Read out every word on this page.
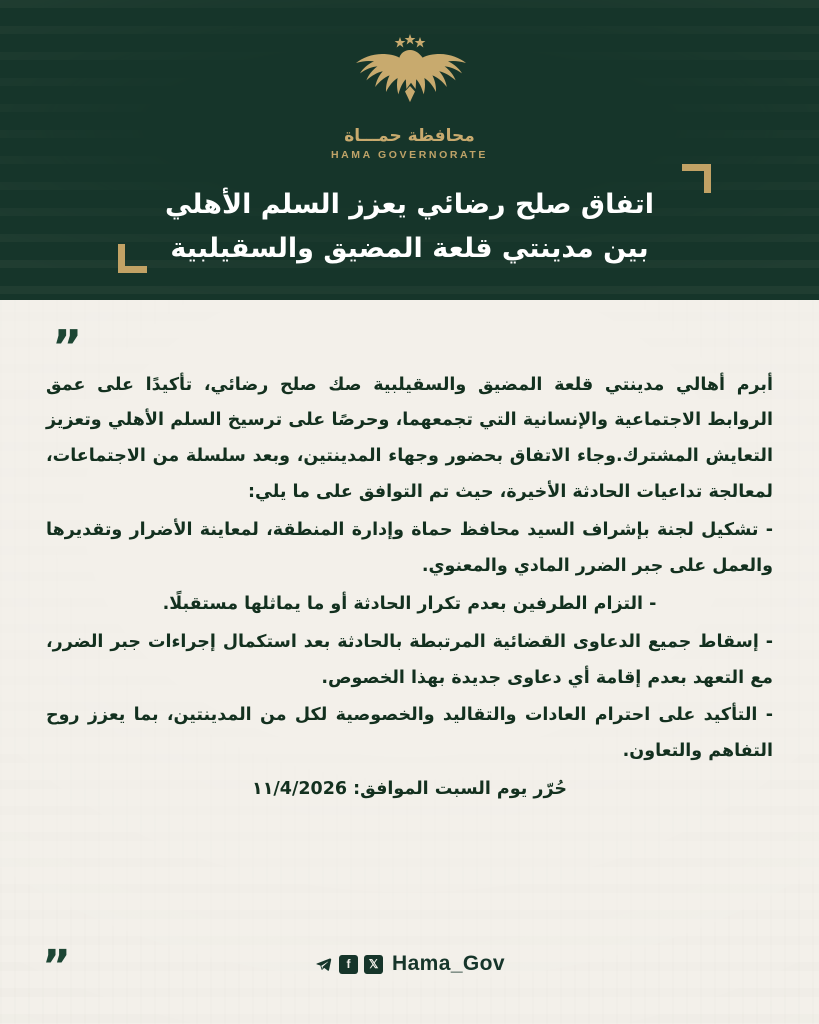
محافظة حمـــاة
HAMA GOVERNORATE
اتفاق صلح رضائي يعزز السلم الأهلي
بين مدينتي قلعة المضيق والسقيلبية
”

أبرم أهالي مدينتي قلعة المضيق والسقيلبية صك صلح رضائي، تأكيدًا على عمق الروابط الاجتماعية والإنسانية التي تجمعهما، وحرصًا على ترسيخ السلم الأهلي وتعزيز التعايش المشترك.وجاء الاتفاق بحضور وجهاء المدينتين، وبعد سلسلة من الاجتماعات، لمعالجة تداعيات الحادثة الأخيرة، حيث تم التوافق على ما يلي:

- تشكيل لجنة بإشراف السيد محافظ حماة وإدارة المنطقة، لمعاينة الأضرار وتقديرها والعمل على جبر الضرر المادي والمعنوي.

- التزام الطرفين بعدم تكرار الحادثة أو ما يماثلها مستقبلًا.

- إسقاط جميع الدعاوى القضائية المرتبطة بالحادثة بعد استكمال إجراءات جبر الضرر، مع التعهد بعدم إقامة أي دعاوى جديدة بهذا الخصوص.

- التأكيد على احترام العادات والتقاليد والخصوصية لكل من المدينتين، بما يعزز روح التفاهم والتعاون.

حُرّر يوم السبت الموافق: ١١/4/2026

”	f	𝕏 Hama_Gov
